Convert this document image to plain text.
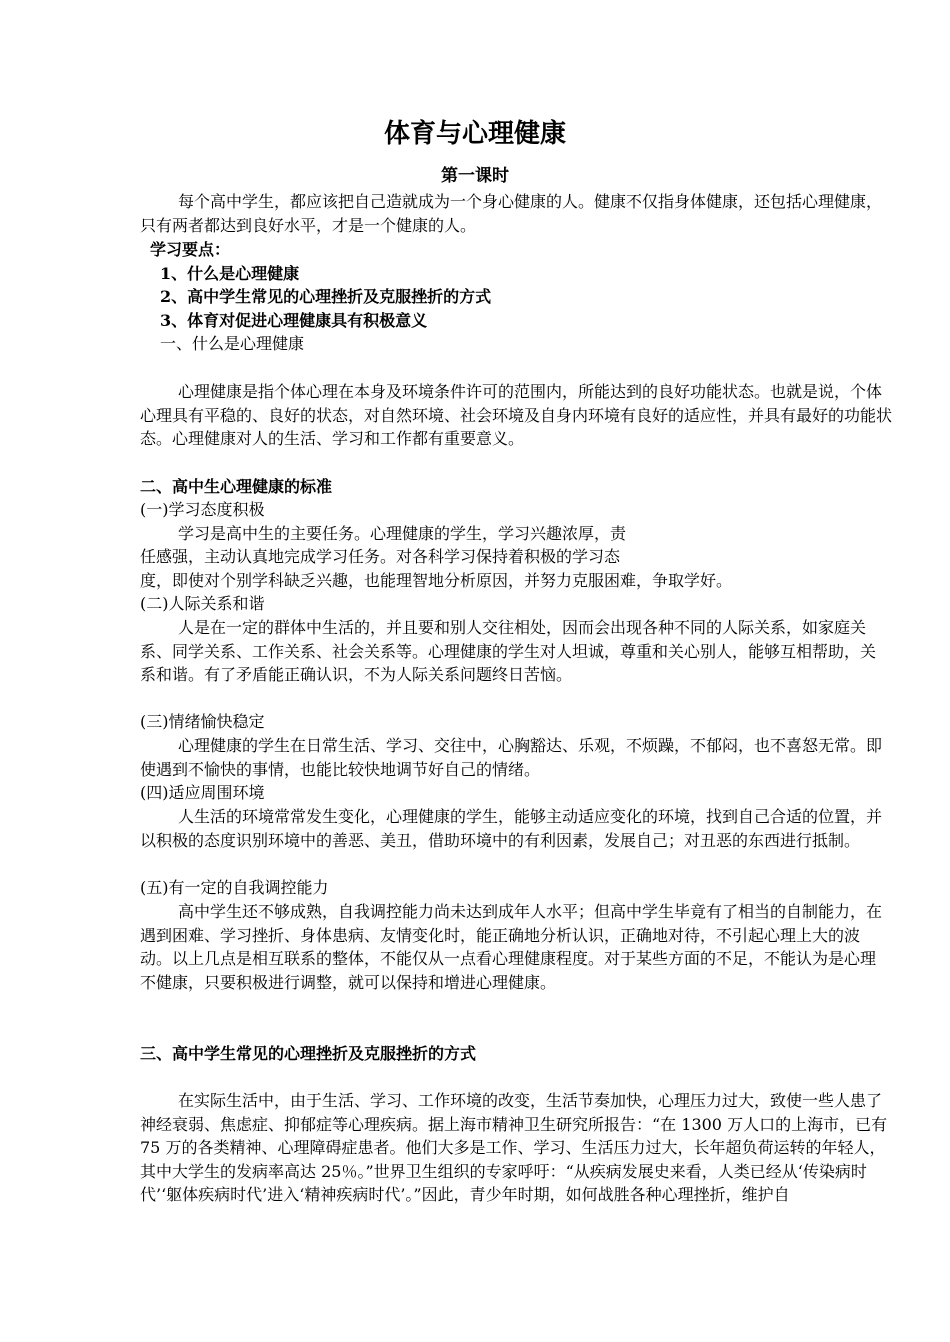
体育与心理健康
第一课时
每个高中学生，都应该把自己造就成为一个身心健康的人。健康不仅指身体健康，还包括心理健康，只有两者都达到良好水平，才是一个健康的人。
学习要点：
1、什么是心理健康
2、高中学生常见的心理挫折及克服挫折的方式
3、体育对促进心理健康具有积极意义
一、什么是心理健康
心理健康是指个体心理在本身及环境条件许可的范围内，所能达到的良好功能状态。也就是说，个体心理具有平稳的、良好的状态，对自然环境、社会环境及自身内环境有良好的适应性，并具有最好的功能状态。心理健康对人的生活、学习和工作都有重要意义。
二、高中生心理健康的标准
(一)学习态度积极
学习是高中生的主要任务。心理健康的学生，学习兴趣浓厚，责
任感强，主动认真地完成学习任务。对各科学习保持着积极的学习态
度，即使对个别学科缺乏兴趣，也能理智地分析原因，并努力克服困难，争取学好。
(二)人际关系和谐
人是在一定的群体中生活的，并且要和别人交往相处，因而会出现各种不同的人际关系，如家庭关系、同学关系、工作关系、社会关系等。心理健康的学生对人坦诚，尊重和关心别人，能够互相帮助，关系和谐。有了矛盾能正确认识，不为人际关系问题终日苦恼。
(三)情绪愉快稳定
心理健康的学生在日常生活、学习、交往中，心胸豁达、乐观，不烦躁，不郁闷，也不喜怒无常。即使遇到不愉快的事情，也能比较快地调节好自己的情绪。
(四)适应周围环境
人生活的环境常常发生变化，心理健康的学生，能够主动适应变化的环境，找到自己合适的位置，并以积极的态度识别环境中的善恶、美丑，借助环境中的有利因素，发展自己；对丑恶的东西进行抵制。
(五)有一定的自我调控能力
高中学生还不够成熟，自我调控能力尚未达到成年人水平；但高中学生毕竟有了相当的自制能力，在遇到困难、学习挫折、身体患病、友情变化时，能正确地分析认识，正确地对待，不引起心理上大的波动。以上几点是相互联系的整体，不能仅从一点看心理健康程度。对于某些方面的不足，不能认为是心理不健康，只要积极进行调整，就可以保持和增进心理健康。
三、高中学生常见的心理挫折及克服挫折的方式
在实际生活中，由于生活、学习、工作环境的改变，生活节奏加快，心理压力过大，致使一些人患了神经衰弱、焦虑症、抑郁症等心理疾病。据上海市精神卫生研究所报告：“在 1300 万人口的上海市，已有 75 万的各类精神、心理障碍症患者。他们大多是工作、学习、生活压力过大，长年超负荷运转的年轻人，其中大学生的发病率高达 25％。”世界卫生组织的专家呼吁：“从疾病发展史来看，人类已经从‘传染病时代’‘躯体疾病时代’进入‘精神疾病时代’。”因此，青少年时期，如何战胜各种心理挫折，维护自
